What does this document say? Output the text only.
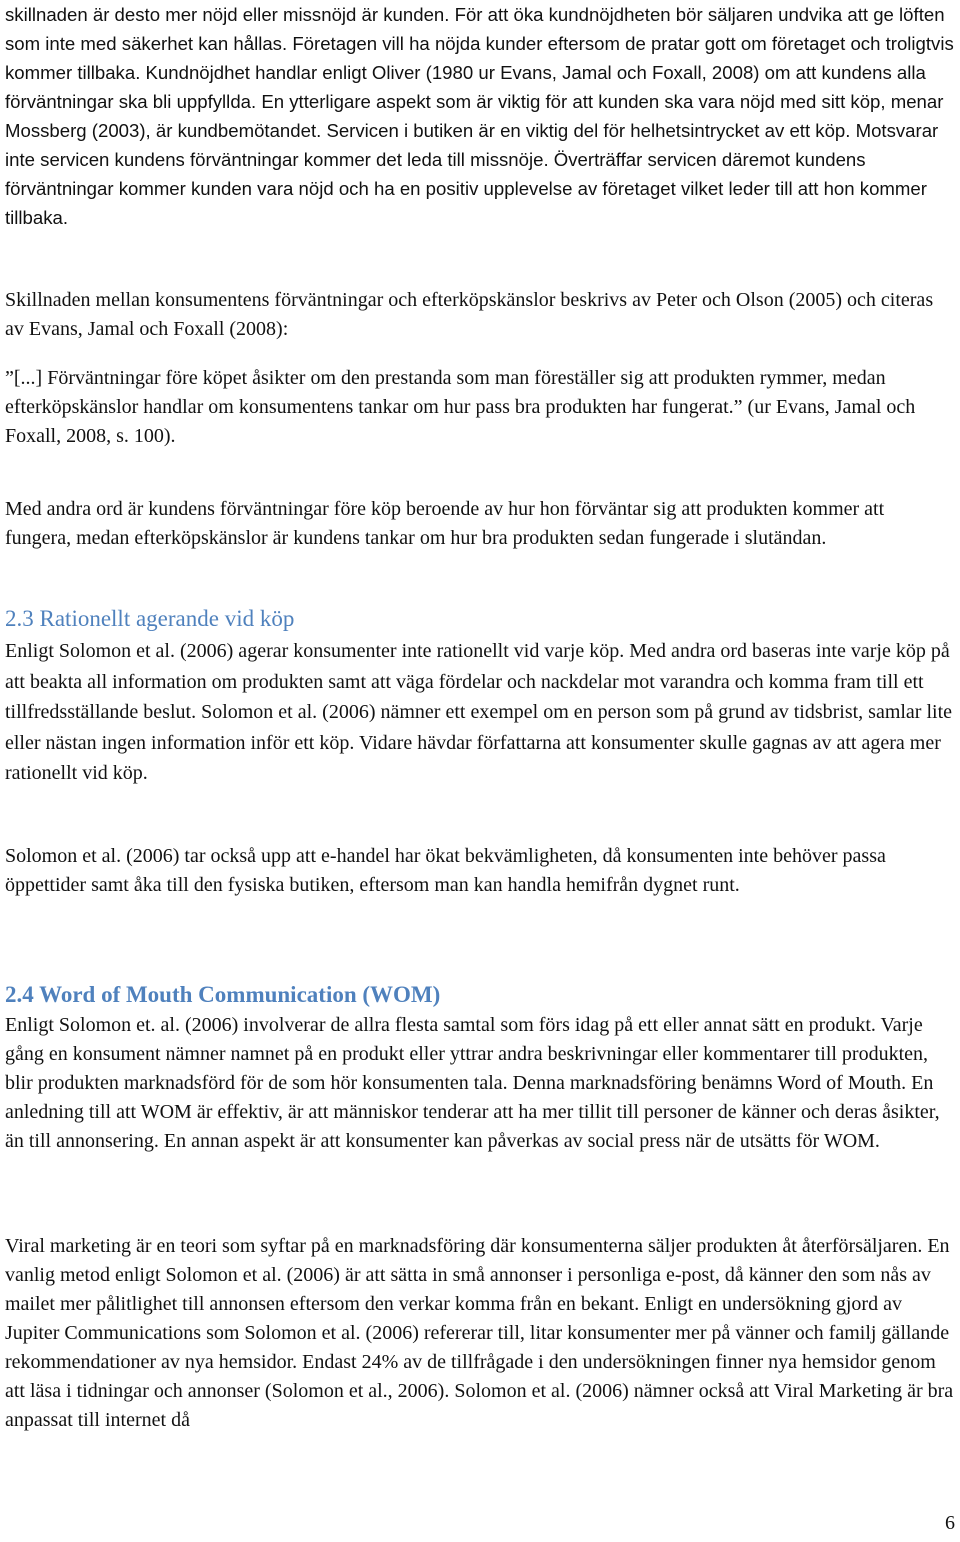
skillnaden är desto mer nöjd eller missnöjd är kunden. För att öka kundnöjdheten bör säljaren undvika att ge löften som inte med säkerhet kan hållas. Företagen vill ha nöjda kunder eftersom de pratar gott om företaget och troligtvis kommer tillbaka. Kundnöjdhet handlar enligt Oliver (1980 ur Evans, Jamal och Foxall, 2008) om att kundens alla förväntningar ska bli uppfyllda. En ytterligare aspekt som är viktig för att kunden ska vara nöjd med sitt köp, menar Mossberg (2003), är kundbemötandet. Servicen i butiken är en viktig del för helhetsintrycket av ett köp. Motsvarar inte servicen kundens förväntningar kommer det leda till missnöje. Överträffar servicen däremot kundens förväntningar kommer kunden vara nöjd och ha en positiv upplevelse av företaget vilket leder till att hon kommer tillbaka.

Skillnaden mellan konsumentens förväntningar och efterköpskänslor beskrivs av Peter och Olson (2005) och citeras av Evans, Jamal och Foxall (2008):

”[...] Förväntningar före köpet åsikter om den prestanda som man föreställer sig att produkten rymmer, medan efterköpskänslor handlar om konsumentens tankar om hur pass bra produkten har fungerat.” (ur Evans, Jamal och Foxall, 2008, s. 100).

Med andra ord är kundens förväntningar före köp beroende av hur hon förväntar sig att produkten kommer att fungera, medan efterköpskänslor är kundens tankar om hur bra produkten sedan fungerade i slutändan.

2.3 Rationellt agerande vid köp

Enligt Solomon et al. (2006) agerar konsumenter inte rationellt vid varje köp. Med andra ord baseras inte varje köp på att beakta all information om produkten samt att väga fördelar och nackdelar mot varandra och komma fram till ett tillfredsställande beslut. Solomon et al. (2006) nämner ett exempel om en person som på grund av tidsbrist, samlar lite eller nästan ingen information inför ett köp. Vidare hävdar författarna att konsumenter skulle gagnas av att agera mer rationellt vid köp.

Solomon et al. (2006) tar också upp att e-handel har ökat bekvämligheten, då konsumenten inte behöver passa öppettider samt åka till den fysiska butiken, eftersom man kan handla hemifrån dygnet runt.

2.4 Word of Mouth Communication (WOM)

Enligt Solomon et. al. (2006) involverar de allra flesta samtal som förs idag på ett eller annat sätt en produkt. Varje gång en konsument nämner namnet på en produkt eller yttrar andra beskrivningar eller kommentarer till produkten, blir produkten marknadsförd för de som hör konsumenten tala. Denna marknadsföring benämns Word of Mouth. En anledning till att WOM är effektiv, är att människor tenderar att ha mer tillit till personer de känner och deras åsikter, än till annonsering. En annan aspekt är att konsumenter kan påverkas av social press när de utsätts för WOM.

Viral marketing är en teori som syftar på en marknadsföring där konsumenterna säljer produkten åt återförsäljaren. En vanlig metod enligt Solomon et al. (2006) är att sätta in små annonser i personliga e-post, då känner den som nås av mailet mer pålitlighet till annonsen eftersom den verkar komma från en bekant. Enligt en undersökning gjord av Jupiter Communications som Solomon et al. (2006) refererar till, litar konsumenter mer på vänner och familj gällande rekommendationer av nya hemsidor. Endast 24% av de tillfrågade i den undersökningen finner nya hemsidor genom att läsa i tidningar och annonser (Solomon et al., 2006). Solomon et al. (2006) nämner också att Viral Marketing är bra anpassat till internet då

6
